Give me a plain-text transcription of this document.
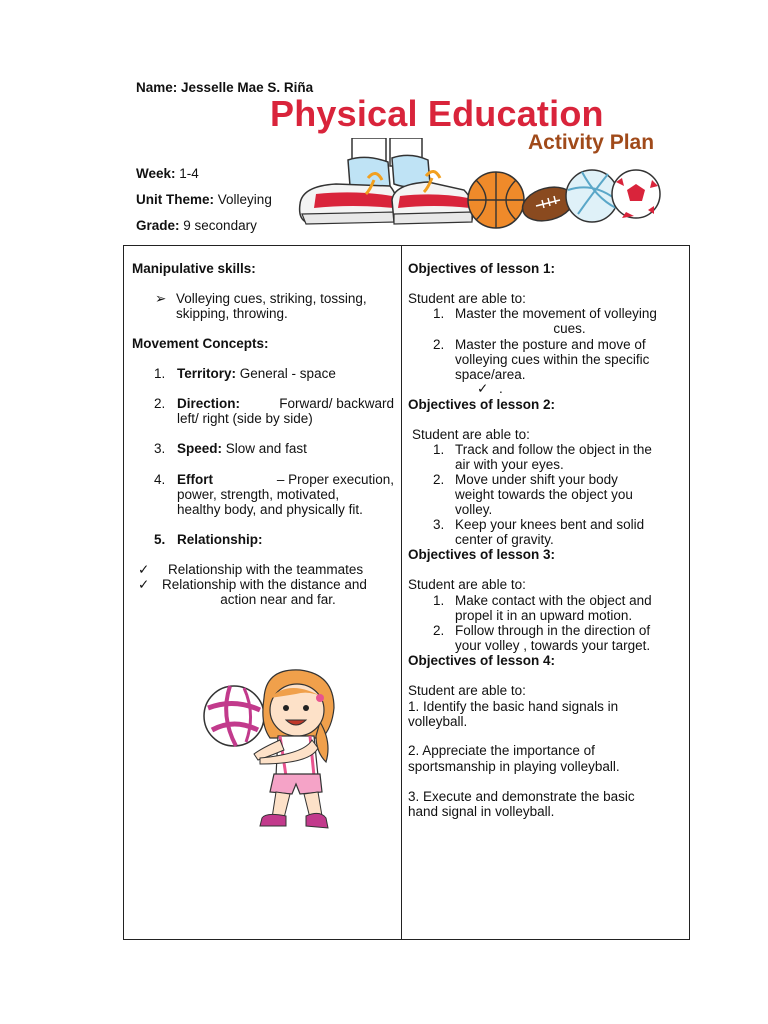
Name: Jesselle Mae S. Riña
Physical Education
Activity Plan
Week: 1-4
Unit Theme: Volleying
Grade: 9 secondary
Manipulative skills:
➢ Volleying cues, striking, tossing,
skipping, throwing.
Movement Concepts:
1. Territory: General - space
2. Direction:	Forward/ backward
left/ right (side by side)
3. Speed: Slow and fast
4. Effort	– Proper execution,
power, strength, motivated,
healthy body, and physically fit.
5. Relationship:
✓ Relationship with the teammates
✓ Relationship with the distance and
action near and far.
Objectives of lesson 1:
Student are able to:
1. Master the movement of volleying
cues.
2. Master the posture and move of
volleying cues within the specific
space/area.
✓ .
Objectives of lesson 2:
Student are able to:
1. Track and follow the object in the
air with your eyes.
2. Move under shift your body
weight towards the object you
volley.
3. Keep your knees bent and solid
center of gravity.
Objectives of lesson 3:
Student are able to:
1. Make contact with the object and
propel it in an upward motion.
2. Follow through in the direction of
your volley , towards your target.
Objectives of lesson 4:
Student are able to:
1. Identify the basic hand signals in
volleyball.
2. Appreciate the importance of
sportsmanship in playing volleyball.
3. Execute and demonstrate the basic
hand signal in volleyball.
